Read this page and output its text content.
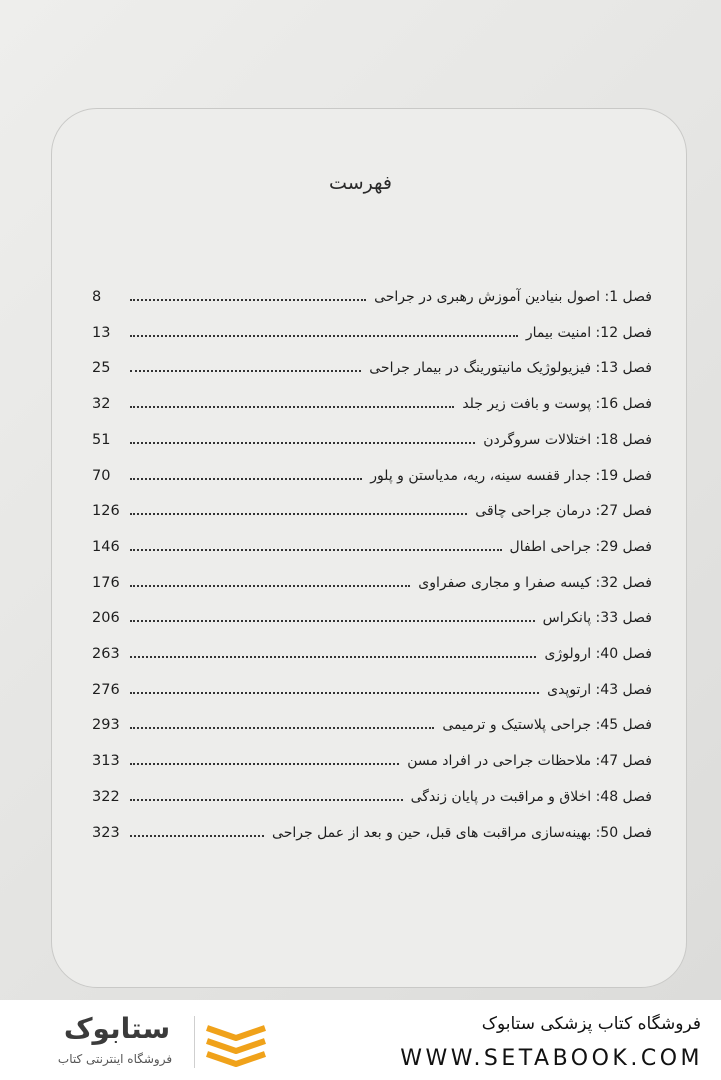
فهرست
فصل 1: اصول بنیادین آموزش رهبری در جراحی
8
فصل 12: امنیت بیمار
13
فصل 13: فیزیولوژیک مانیتورینگ در بیمار جراحی
25
فصل 16: پوست و بافت زیر جلد
32
فصل 18: اختلالات سروگردن
51
فصل 19: جدار قفسه سینه، ریه، مدیاستن و پلور
70
فصل 27: درمان جراحی چاقی
126
فصل 29: جراحی اطفال
146
فصل 32: کیسه صفرا و مجاری صفراوی
176
فصل 33: پانکراس
206
فصل 40: ارولوژی
263
فصل 43: ارتوپدی
276
فصل 45: جراحی پلاستیک و ترمیمی
293
فصل 47: ملاحظات جراحی در افراد مسن
313
فصل 48: اخلاق و مراقبت در پایان زندگی
322
فصل 50: بهینه‌سازی مراقبت های قبل، حین و بعد از عمل جراحی
323
فروشگاه کتاب پزشکی ستابوک
WWW.SETABOOK.COM
ستابوک
فروشگاه اینترنتی کتاب
